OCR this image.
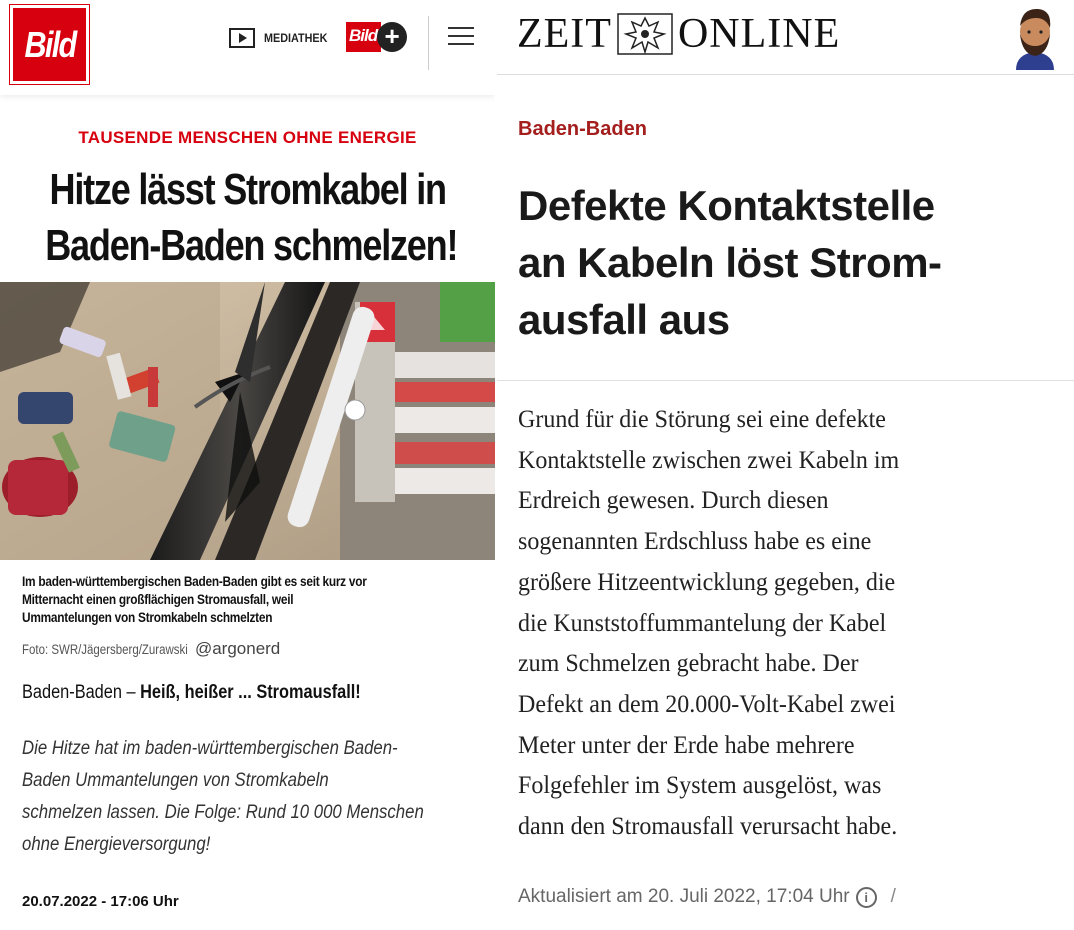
Bild	MEDIATHEK Bild +
TAUSENDE MENSCHEN OHNE ENERGIE
Hitze lässt Stromkabel in
Baden-Baden schmelzen!
Im baden-württembergischen Baden-Baden gibt es seit kurz vor
Mitternacht einen großflächigen Stromausfall, weil
Ummantelungen von Stromkabeln schmelzten
Foto: SWR/Jägersberg/Zurawski @argonerd
Baden-Baden – Heiß, heißer ... Stromausfall!
Die Hitze hat im baden-württembergischen Baden-
Baden Ummantelungen von Stromkabeln
schmelzen lassen. Die Folge: Rund 10 000 Menschen
ohne Energieversorgung!
20.07.2022 - 17:06 Uhr
ZEIT ONLINE
Baden-Baden
Defekte Kontaktstelle
an Kabeln löst Strom-
ausfall aus
Grund für die Störung sei eine defekte
Kontaktstelle zwischen zwei Kabeln im
Erdreich gewesen. Durch diesen
sogenannten Erdschluss habe es eine
größere Hitzeentwicklung gegeben, die
die Kunststoffummantelung der Kabel
zum Schmelzen gebracht habe. Der
Defekt an dem 20.000-Volt-Kabel zwei
Meter unter der Erde habe mehrere
Folgefehler im System ausgelöst, was
dann den Stromausfall verursacht habe.
Aktualisiert am 20. Juli 2022, 17:04 Uhr	i	/
